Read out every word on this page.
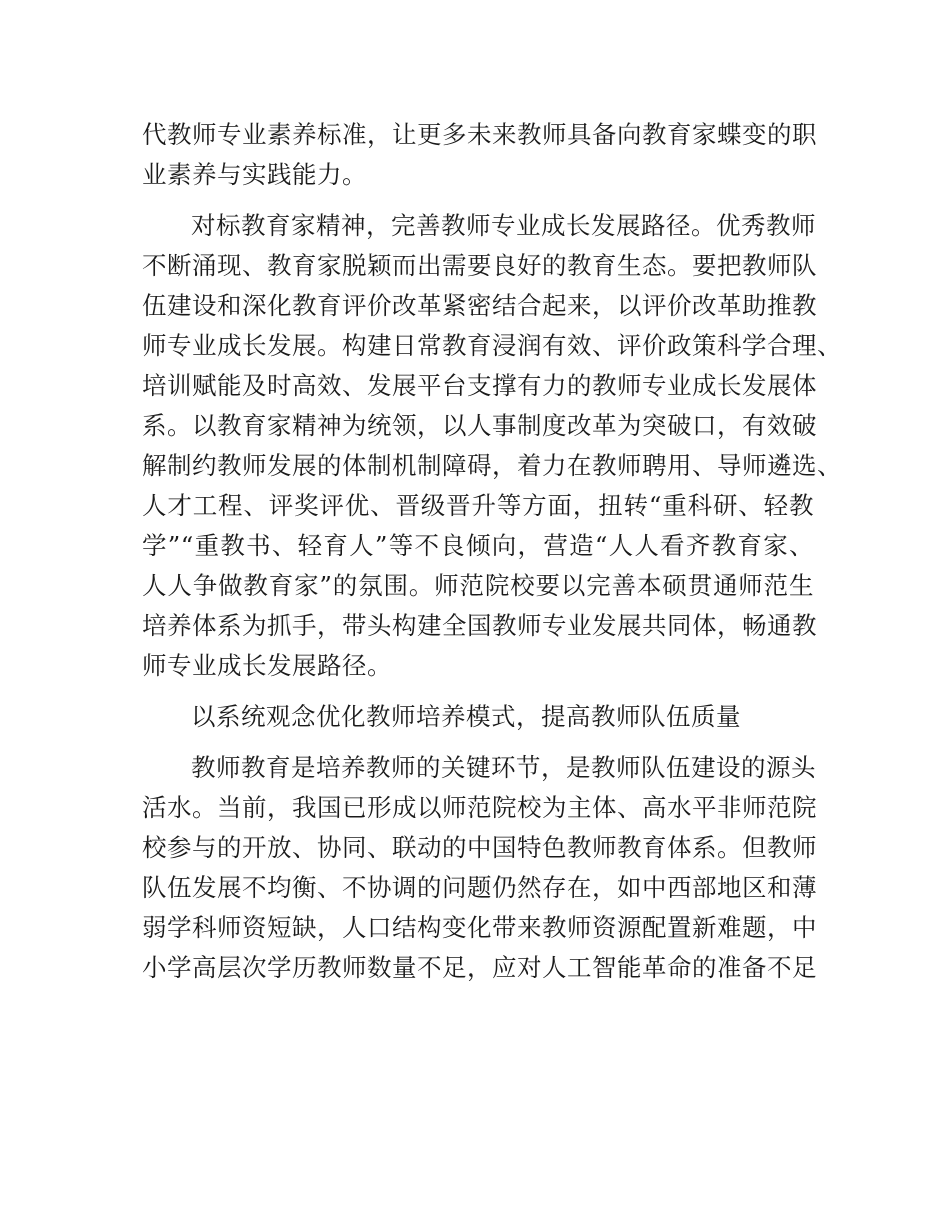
代教师专业素养标准，让更多未来教师具备向教育家蝶变的职
业素养与实践能力。
对标教育家精神，完善教师专业成长发展路径。优秀教师
不断涌现、教育家脱颖而出需要良好的教育生态。要把教师队
伍建设和深化教育评价改革紧密结合起来，以评价改革助推教
师专业成长发展。构建日常教育浸润有效、评价政策科学合理、
培训赋能及时高效、发展平台支撑有力的教师专业成长发展体
系。以教育家精神为统领，以人事制度改革为突破口，有效破
解制约教师发展的体制机制障碍，着力在教师聘用、导师遴选、
人才工程、评奖评优、晋级晋升等方面，扭转“重科研、轻教
学”“重教书、轻育人”等不良倾向，营造“人人看齐教育家、
人人争做教育家”的氛围。师范院校要以完善本硕贯通师范生
培养体系为抓手，带头构建全国教师专业发展共同体，畅通教
师专业成长发展路径。
以系统观念优化教师培养模式，提高教师队伍质量
教师教育是培养教师的关键环节，是教师队伍建设的源头
活水。当前，我国已形成以师范院校为主体、高水平非师范院
校参与的开放、协同、联动的中国特色教师教育体系。但教师
队伍发展不均衡、不协调的问题仍然存在，如中西部地区和薄
弱学科师资短缺，人口结构变化带来教师资源配置新难题，中
小学高层次学历教师数量不足，应对人工智能革命的准备不足
